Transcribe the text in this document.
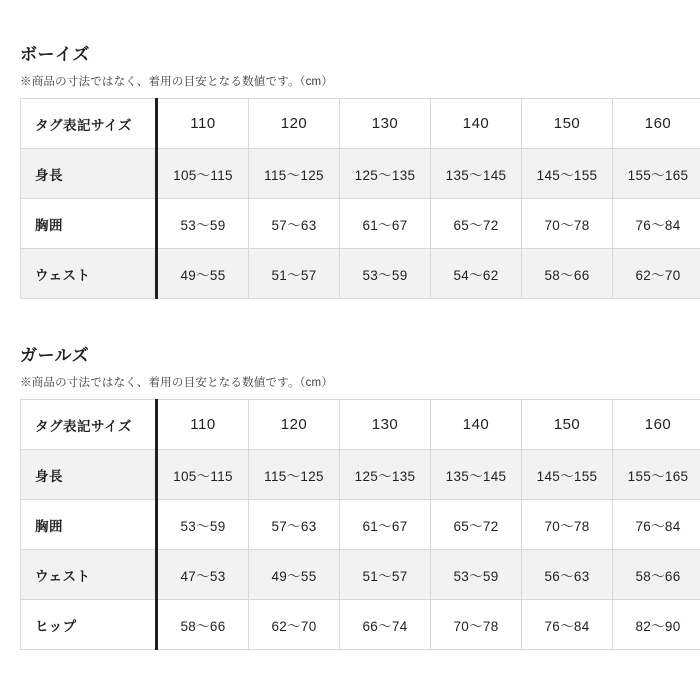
ボーイズ

※商品の寸法ではなく、着用の目安となる数値です。（cm）

タグ表記サイズ	110	120	130	140	150	160
身長	105〜115	115〜125	125〜135	135〜145	145〜155	155〜165
胸囲	53〜59	57〜63	61〜67	65〜72	70〜78	76〜84
ウェスト	49〜55	51〜57	53〜59	54〜62	58〜66	62〜70
ガールズ

※商品の寸法ではなく、着用の目安となる数値です。（cm）

タグ表記サイズ	110	120	130	140	150	160
身長	105〜115	115〜125	125〜135	135〜145	145〜155	155〜165
胸囲	53〜59	57〜63	61〜67	65〜72	70〜78	76〜84
ウェスト	47〜53	49〜55	51〜57	53〜59	56〜63	58〜66
ヒップ	58〜66	62〜70	66〜74	70〜78	76〜84	82〜90
